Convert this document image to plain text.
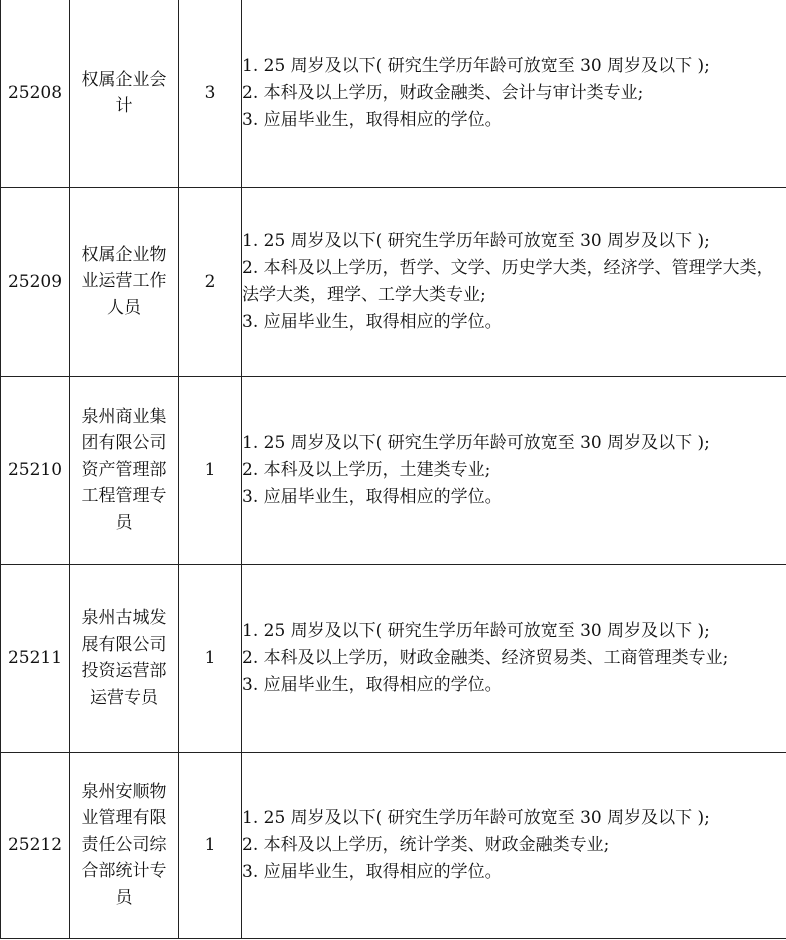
25208	权属企业会计	3	1. 25 周岁及以下( 研究生学历年龄可放宽至 30 周岁及以下 );
2. 本科及以上学历，财政金融类、会计与审计类专业;
3. 应届毕业生，取得相应的学位。

25209	权属企业物业运营工作人员	2	1. 25 周岁及以下( 研究生学历年龄可放宽至 30 周岁及以下 );
2. 本科及以上学历，哲学、文学、历史学大类，经济学、管理学大类，法学大类，理学、工学大类专业;
3. 应届毕业生，取得相应的学位。

25210	泉州商业集团有限公司资产管理部工程管理专员	1	1. 25 周岁及以下( 研究生学历年龄可放宽至 30 周岁及以下 );
2. 本科及以上学历，土建类专业;
3. 应届毕业生，取得相应的学位。

25211	泉州古城发展有限公司投资运营部运营专员	1	1. 25 周岁及以下( 研究生学历年龄可放宽至 30 周岁及以下 );
2. 本科及以上学历，财政金融类、经济贸易类、工商管理类专业;
3. 应届毕业生，取得相应的学位。

25212	泉州安顺物业管理有限责任公司综合部统计专员	1	1. 25 周岁及以下( 研究生学历年龄可放宽至 30 周岁及以下 );
2. 本科及以上学历，统计学类、财政金融类专业;
3. 应届毕业生，取得相应的学位。
